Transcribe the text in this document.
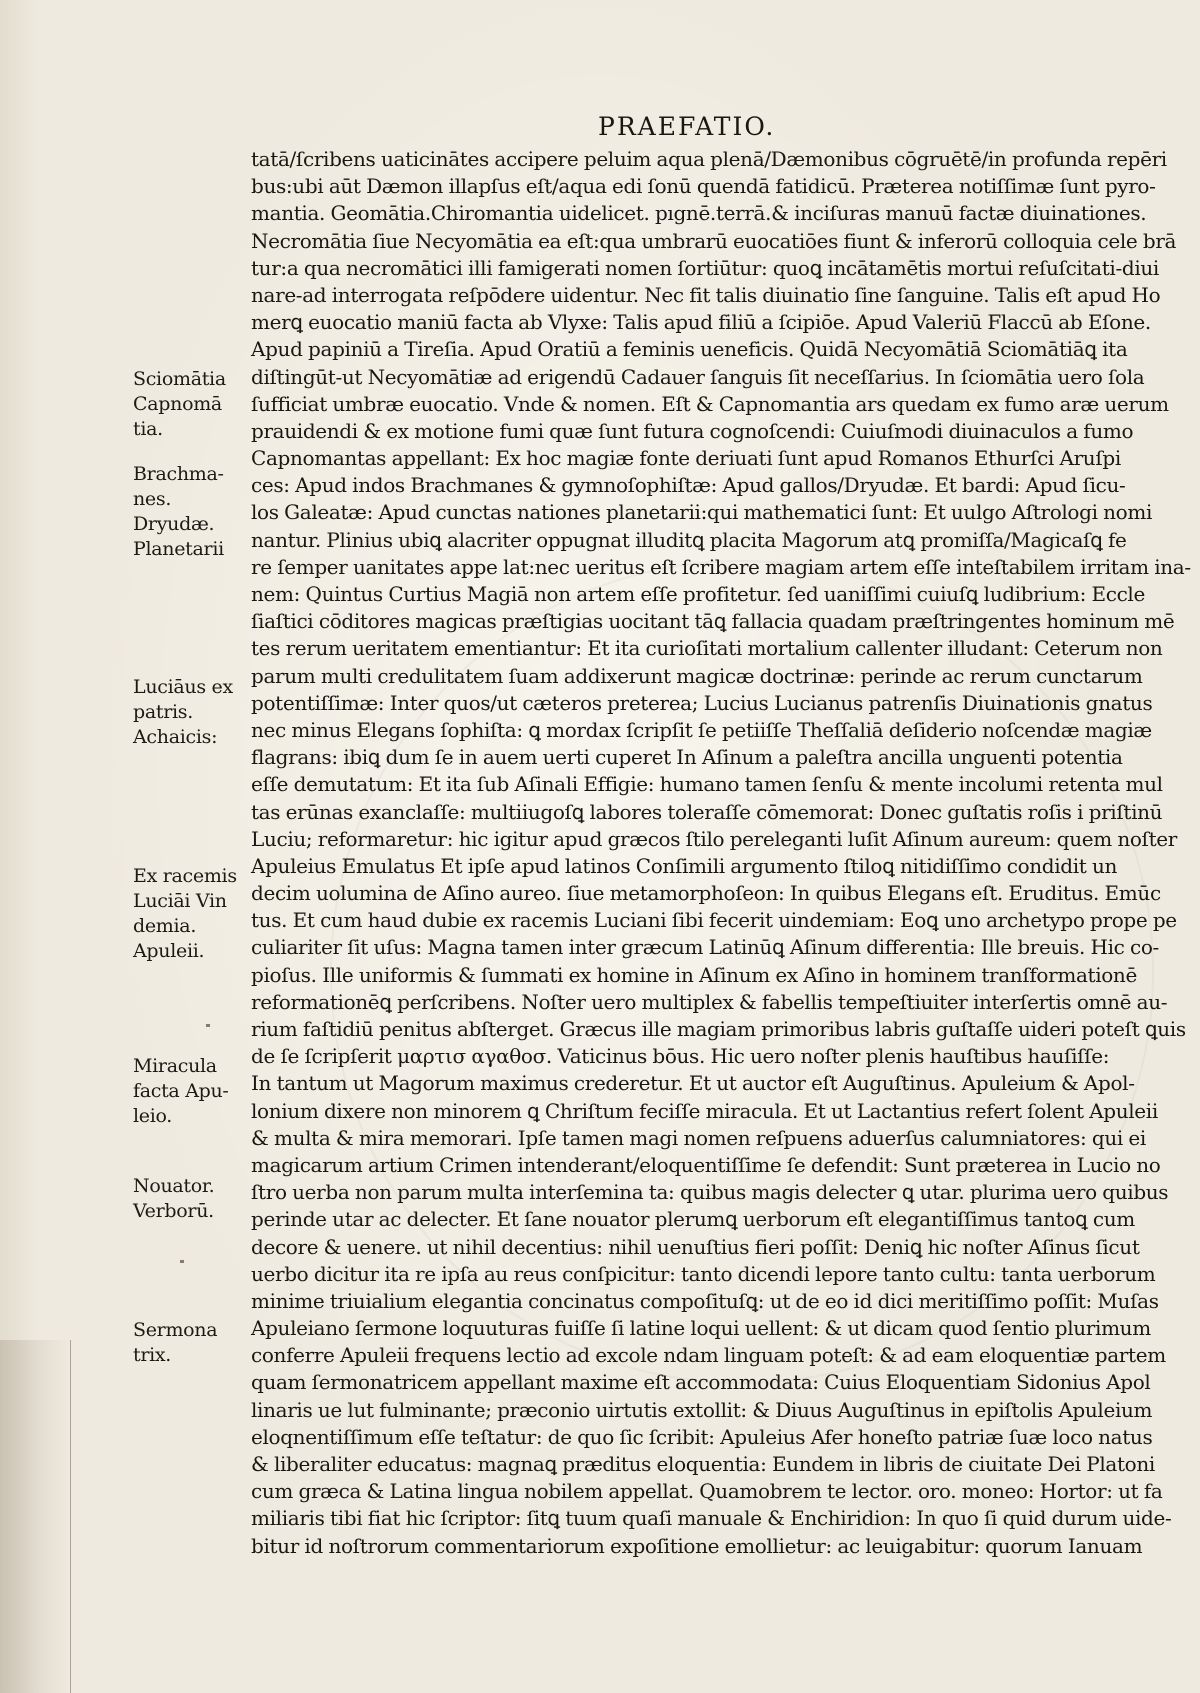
PRAEFATIO.
tatā/ſcribens uaticinātes accipere peluim aqua plenā/Dæmonibus cōgruētē/in profunda repēri
bus:ubi aūt Dæmon illapſus eſt/aqua edi ſonū quendā fatidicū. Præterea notiſſimæ ſunt pyro-
mantia. Geomātia.Chiromantia uidelicet. pıgnē.terrā.& inciſuras manuū factæ diuinationes.
Necromātia ſiue Necyomātia ea eſt:qua umbrarū euocatiōes fiunt & inferorū colloquia cele brā
tur:a qua necromātici illi famigerati nomen ſortiūtur: quoꝗ incātamētis mortui reſuſcitati-diui
nare-ad interrogata reſpōdere uidentur. Nec fit talis diuinatio ſine ſanguine. Talis eſt apud Ho
merꝗ euocatio maniū facta ab Vlyxe: Talis apud filiū a ſcipiōe. Apud Valeriū Flaccū ab Eſone.
Apud papiniū a Tireſia. Apud Oratiū a feminis ueneficis. Quidā Necyomātiā Sciomātiāꝗ ita
diſtingūt-ut Necyomātiæ ad erigendū Cadauer ſanguis ſit neceſſarius. In ſciomātia uero ſola
ſufficiat umbræ euocatio. Vnde & nomen. Eſt & Capnomantia ars quedam ex fumo aræ uerum
prauidendi & ex motione fumi quæ ſunt futura cognoſcendi: Cuiuſmodi diuinaculos a fumo
Capnomantas appellant: Ex hoc magiæ fonte deriuati ſunt apud Romanos Ethurſci Aruſpi
ces: Apud indos Brachmanes & gymnoſophiſtæ: Apud gallos/Dryudæ. Et bardi: Apud ſicu-
los Galeatæ: Apud cunctas nationes planetarii:qui mathematici ſunt: Et uulgo Aſtrologi nomi
nantur. Plinius ubiꝗ alacriter oppugnat illuditꝗ placita Magorum atꝗ promiſſa/Magicaſꝗ fe
re ſemper uanitates appe lat:nec ueritus eſt ſcribere magiam artem eſſe inteſtabilem irritam ina-
nem: Quintus Curtius Magiā non artem eſſe profitetur. ſed uaniſſimi cuiuſꝗ ludibrium: Eccle
ſiaſtici cōditores magicas præſtigias uocitant tāꝗ fallacia quadam præſtringentes hominum mē
tes rerum ueritatem ementiantur: Et ita curioſitati mortalium callenter illudant: Ceterum non
parum multi credulitatem ſuam addixerunt magicæ doctrinæ: perinde ac rerum cunctarum
potentiſſimæ: Inter quos/ut cæteros preterea; Lucius Lucianus patrenſis Diuinationis gnatus
nec minus Elegans ſophiſta: ꝗ mordax ſcripſit ſe petiiſſe Theſſaliā deſiderio noſcendæ magiæ
flagrans: ibiꝗ dum ſe in auem uerti cuperet In Aſinum a paleſtra ancilla unguenti potentia
eſſe demutatum: Et ita ſub Aſinali Effigie: humano tamen ſenſu & mente incolumi retenta mul
tas erūnas exanclaſſe: multiiugoſꝗ labores toleraſſe cōmemorat: Donec guſtatis roſis i priſtinū
Luciu; reformaretur: hic igitur apud græcos ſtilo pereleganti luſit Aſinum aureum: quem noſter
Apuleius Emulatus Et ipſe apud latinos Conſimili argumento ſtiloꝗ nitidiſſimo condidit un
decim uolumina de Aſino aureo. ſiue metamorphoſeon: In quibus Elegans eſt. Eruditus. Emūc
tus. Et cum haud dubie ex racemis Luciani ſibi fecerit uindemiam: Eoꝗ uno archetypo prope pe
culiariter ſit uſus: Magna tamen inter græcum Latinūꝗ Aſinum differentia: Ille breuis. Hic co-
pioſus. Ille uniformis & ſummati ex homine in Aſinum ex Aſino in hominem tranſformationē
reformationēꝗ perſcribens. Noſter uero multiplex & fabellis tempeſtiuiter interſertis omnē au-
rium faſtidiū penitus abſterget. Græcus ille magiam primoribus labris guſtaſſe uideri poteſt ꝗuis
de ſe ſcripſerit μαρτισ αγαθοσ. Vaticinus bōus. Hic uero noſter plenis hauſtibus hauſiſſe:
In tantum ut Magorum maximus crederetur. Et ut auctor eſt Auguſtinus. Apuleium & Apol-
lonium dixere non minorem ꝗ Chriſtum feciſſe miracula. Et ut Lactantius refert ſolent Apuleii
& multa & mira memorari. Ipſe tamen magi nomen reſpuens aduerſus calumniatores: qui ei
magicarum artium Crimen intenderant/eloquentiſſime ſe defendit: Sunt præterea in Lucio no
ſtro uerba non parum multa interſemina ta: quibus magis delecter ꝗ utar. plurima uero quibus
perinde utar ac delecter. Et ſane nouator plerumꝗ uerborum eſt elegantiſſimus tantoꝗ cum
decore & uenere. ut nihil decentius: nihil uenuſtius fieri poſſit: Deniꝗ hic noſter Aſinus ſicut
uerbo dicitur ita re ipſa au reus conſpicitur: tanto dicendi lepore tanto cultu: tanta uerborum
minime triuialium elegantia concinatus compoſituſꝗ: ut de eo id dici meritiſſimo poſſit: Muſas
Apuleiano ſermone loquuturas fuiſſe ſi latine loqui uellent: & ut dicam quod ſentio plurimum
conferre Apuleii frequens lectio ad excole ndam linguam poteſt: & ad eam eloquentiæ partem
quam ſermonatricem appellant maxime eſt accommodata: Cuius Eloquentiam Sidonius Apol
linaris ue lut fulminante; præconio uirtutis extollit: & Diuus Auguſtinus in epiſtolis Apuleium
eloqnentiſſimum eſſe teſtatur: de quo ſic ſcribit: Apuleius Afer honeſto patriæ ſuæ loco natus
& liberaliter educatus: magnaꝗ præditus eloquentia: Eundem in libris de ciuitate Dei Platoni
cum græca & Latina lingua nobilem appellat. Quamobrem te lector. oro. moneo: Hortor: ut fa
miliaris tibi fiat hic ſcriptor: ſitꝗ tuum quaſi manuale & Enchiridion: In quo ſi quid durum uide-
bitur id noſtrorum commentariorum expoſitione emollietur: ac leuigabitur: quorum Ianuam
Sciomātia
Capnomā
tia.
Brachma-
nes.
Dryudæ.
Planetarii
Luciāus ex
patris.
Achaicis:
Ex racemis
Luciāi Vin
demia.
Apuleii.
Miracula
facta Apu-
leio.
Nouator.
Verborū.
Sermona
trix.
